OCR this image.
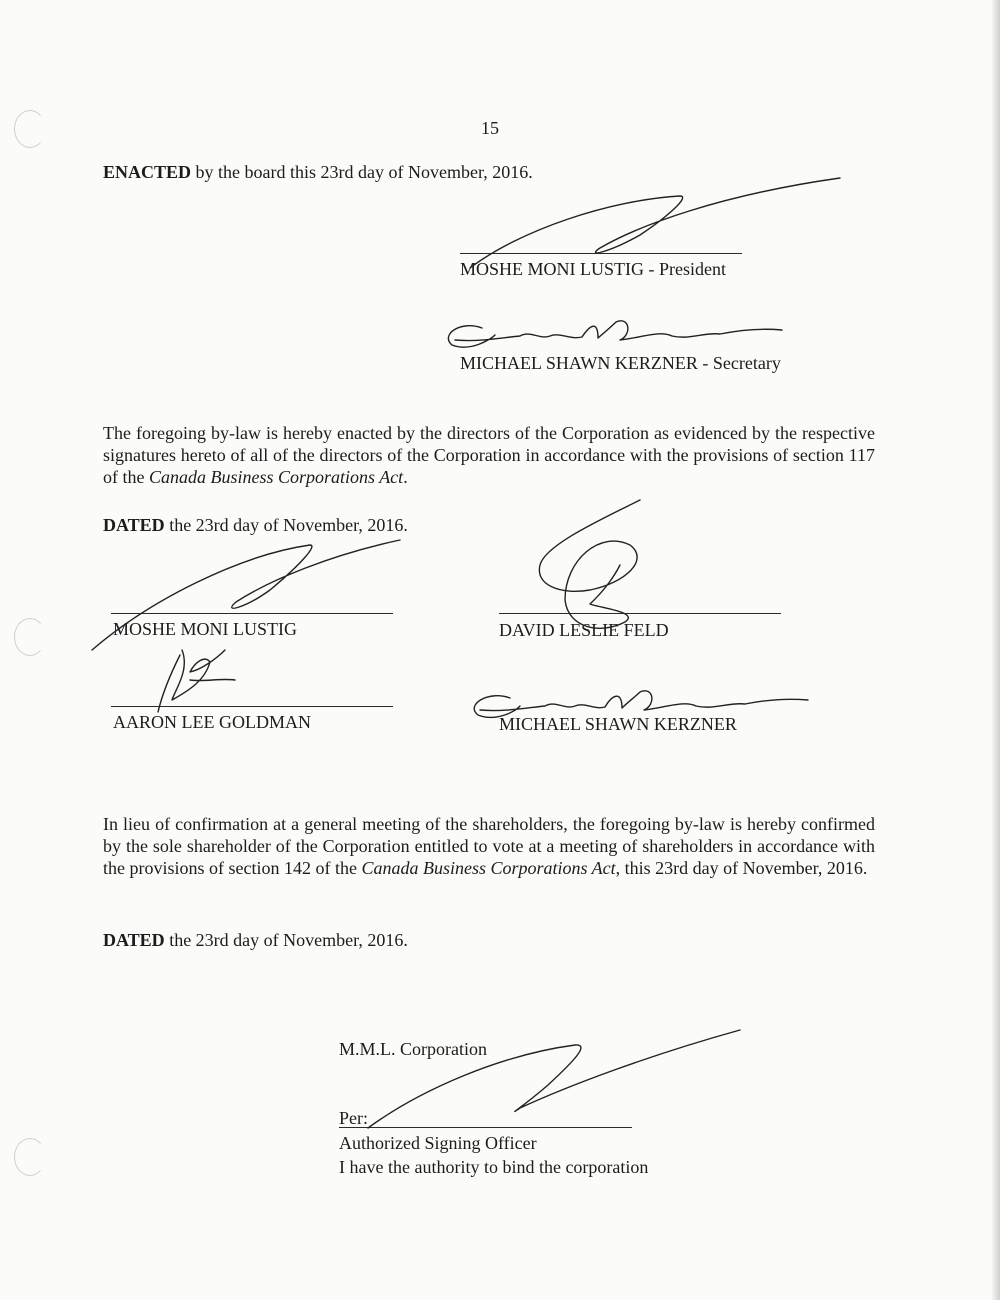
15
ENACTED by the board this 23rd day of November, 2016.
MOSHE MONI LUSTIG - President
MICHAEL SHAWN KERZNER - Secretary
The foregoing by-law is hereby enacted by the directors of the Corporation as evidenced by the respective signatures hereto of all of the directors of the Corporation in accordance with the provisions of section 117 of the Canada Business Corporations Act.
DATED the 23rd day of November, 2016.
MOSHE MONI LUSTIG	DAVID LESLIE FELD
AARON LEE GOLDMAN	MICHAEL SHAWN KERZNER
In lieu of confirmation at a general meeting of the shareholders, the foregoing by-law is hereby confirmed by the sole shareholder of the Corporation entitled to vote at a meeting of shareholders in accordance with the provisions of section 142 of the Canada Business Corporations Act, this 23rd day of November, 2016.
DATED the 23rd day of November, 2016.
M.M.L. Corporation
Per:
Authorized Signing Officer
I have the authority to bind the corporation
